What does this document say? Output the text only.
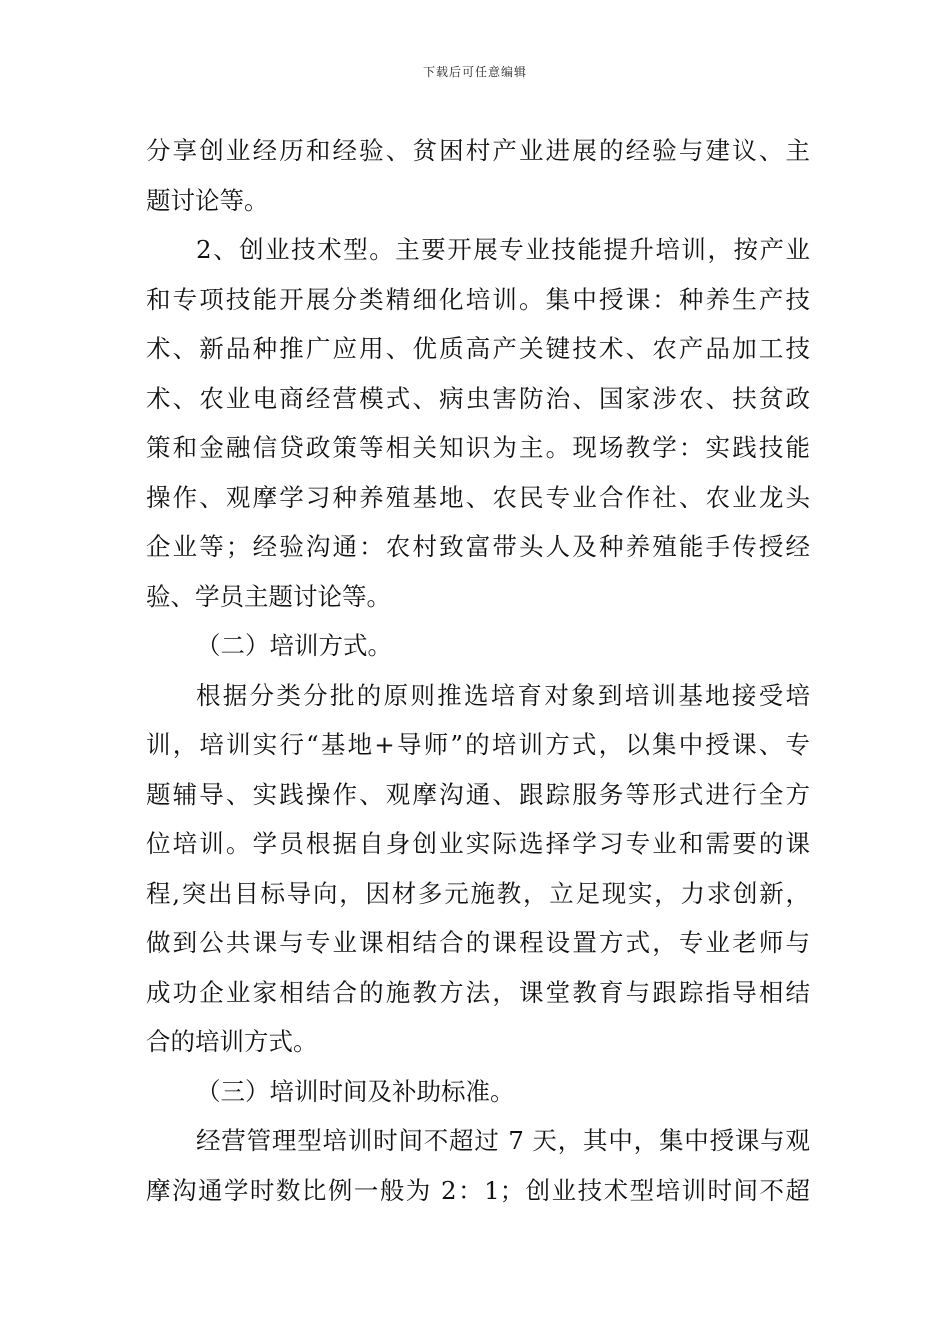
下载后可任意编辑
分享创业经历和经验、贫困村产业进展的经验与建议、主
题讨论等。
2、创业技术型。主要开展专业技能提升培训，按产业
和专项技能开展分类精细化培训。集中授课：种养生产技
术、新品种推广应用、优质高产关键技术、农产品加工技
术、农业电商经营模式、病虫害防治、国家涉农、扶贫政
策和金融信贷政策等相关知识为主。现场教学：实践技能
操作、观摩学习种养殖基地、农民专业合作社、农业龙头
企业等；经验沟通：农村致富带头人及种养殖能手传授经
验、学员主题讨论等。
（二）培训方式。
根据分类分批的原则推选培育对象到培训基地接受培
训，培训实行“基地+导师”的培训方式，以集中授课、专
题辅导、实践操作、观摩沟通、跟踪服务等形式进行全方
位培训。学员根据自身创业实际选择学习专业和需要的课
程,突出目标导向，因材多元施教，立足现实，力求创新，
做到公共课与专业课相结合的课程设置方式，专业老师与
成功企业家相结合的施教方法，课堂教育与跟踪指导相结
合的培训方式。
（三）培训时间及补助标准。
经营管理型培训时间不超过 7 天，其中，集中授课与观
摩沟通学时数比例一般为 2：1；创业技术型培训时间不超
